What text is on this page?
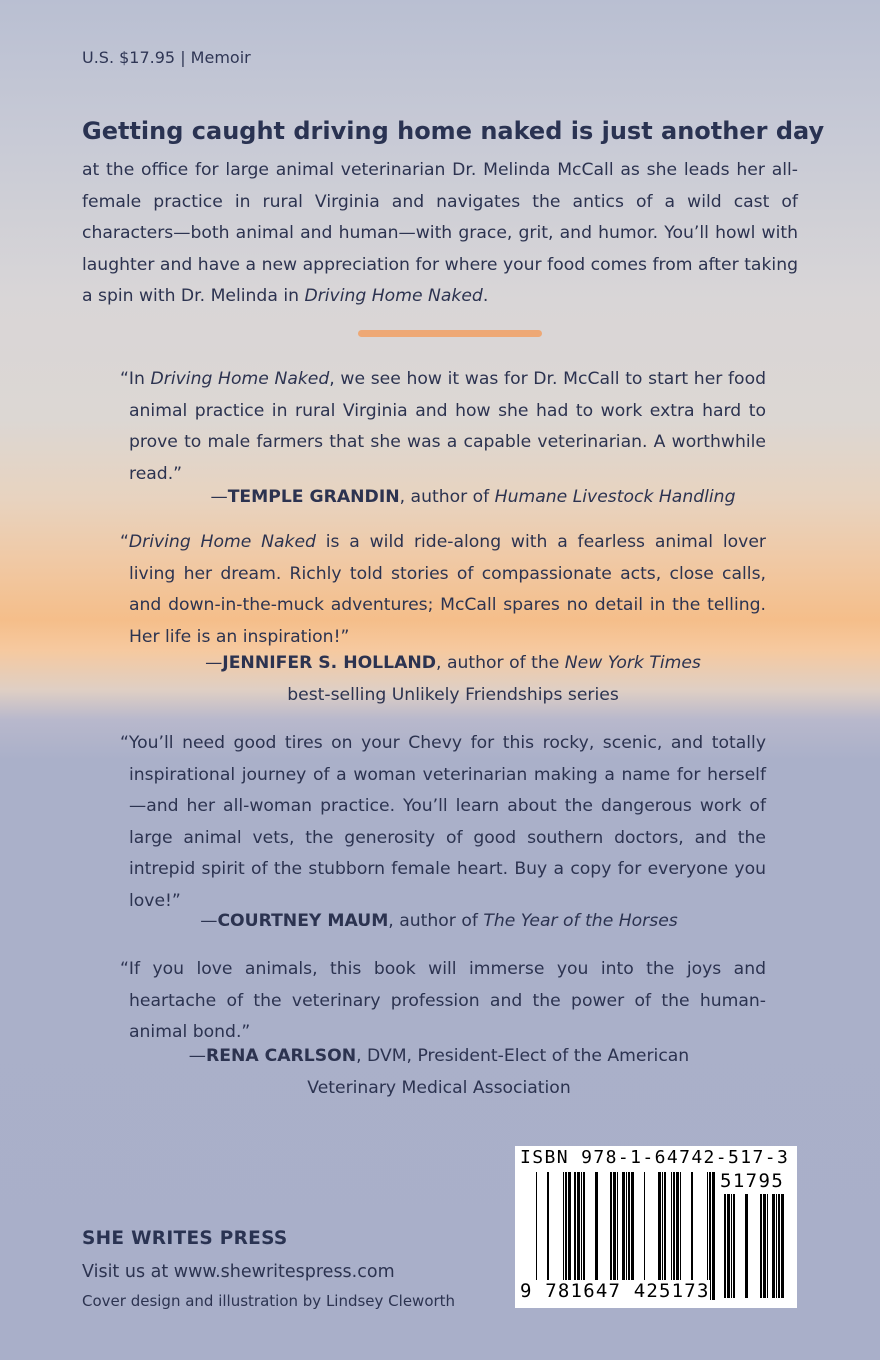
U.S. $17.95 | Memoir
Getting caught driving home naked is just another day
at the office for large animal veterinarian Dr. Melinda McCall as she leads her all-female practice in rural Virginia and navigates the antics of a wild cast of characters—both animal and human—with grace, grit, and humor. You’ll howl with laughter and have a new appreciation for where your food comes from after taking a spin with Dr. Melinda in Driving Home Naked.
“In Driving Home Naked, we see how it was for Dr. McCall to start her food animal practice in rural Virginia and how she had to work extra hard to prove to male farmers that she was a capable veterinarian. A worthwhile read.”
—TEMPLE GRANDIN, author of Humane Livestock Handling
“Driving Home Naked is a wild ride-along with a fearless animal lover living her dream. Richly told stories of compassionate acts, close calls, and down-in-the-muck adventures; McCall spares no detail in the telling. Her life is an inspiration!”
—JENNIFER S. HOLLAND, author of the New York Times
best-selling Unlikely Friendships series
“You’ll need good tires on your Chevy for this rocky, scenic, and totally inspirational journey of a woman veterinarian making a name for herself—and her all-woman practice. You’ll learn about the dangerous work of large animal vets, the generosity of good southern doctors, and the intrepid spirit of the stubborn female heart. Buy a copy for everyone you love!”
—COURTNEY MAUM, author of The Year of the Horses
“If you love animals, this book will immerse you into the joys and heartache of the veterinary profession and the power of the human-animal bond.”
—RENA CARLSON, DVM, President-Elect of the American
Veterinary Medical Association
SHE WRITES PRESS
Visit us at www.shewritespress.com
Cover design and illustration by Lindsey Cleworth
ISBN 978-1-64742-517-3
51795
9 781647 425173
